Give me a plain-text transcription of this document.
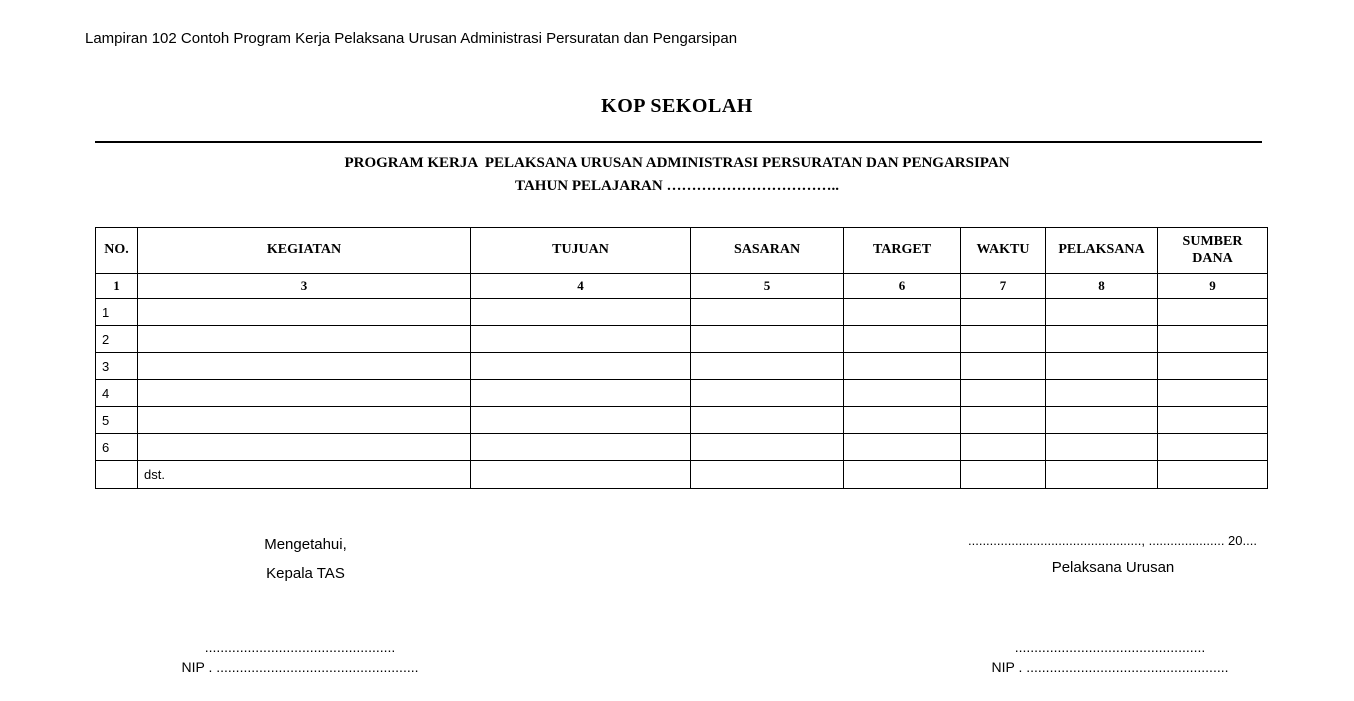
Lampiran 102 Contoh Program Kerja Pelaksana Urusan Administrasi Persuratan dan Pengarsipan
KOP SEKOLAH
PROGRAM KERJA  PELAKSANA URUSAN ADMINISTRASI PERSURATAN DAN PENGARSIPAN
TAHUN PELAJARAN ……………………………..
NO.	KEGIATAN	TUJUAN	SASARAN	TARGET	WAKTU	PELAKSANA	SUMBER DANA
1	3	4	5	6	7	8	9
1							
2							
3							
4							
5							
6							
	dst.						
Mengetahui,
Kepala TAS
................................................, ..................... 20....
Pelaksana Urusan
.................................................
NIP . ....................................................
.................................................
NIP . ....................................................
